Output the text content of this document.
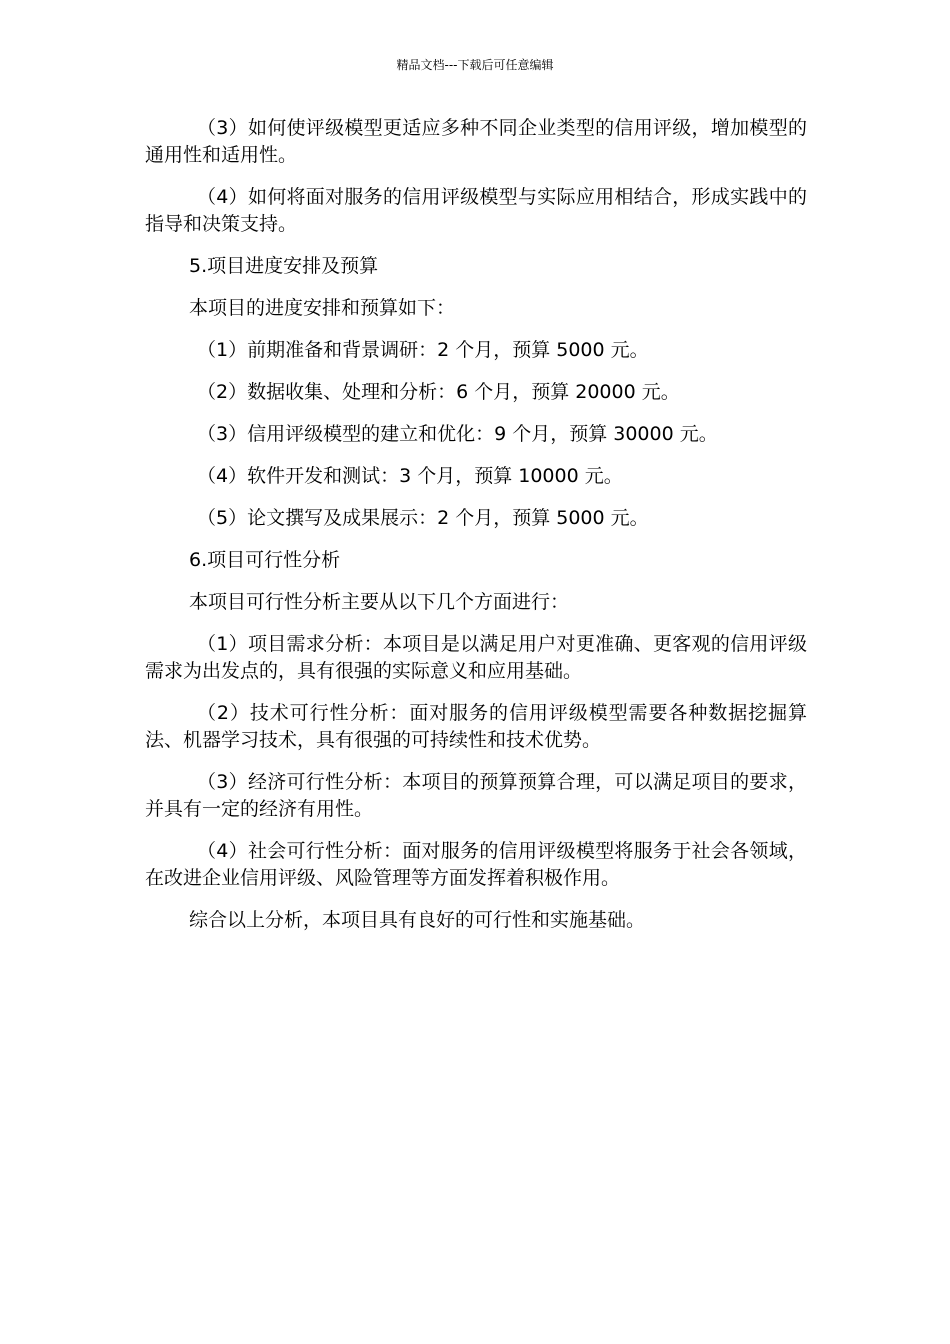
精品文档---下载后可任意编辑

（3）如何使评级模型更适应多种不同企业类型的信用评级，增加模型的通用性和适用性。

（4）如何将面对服务的信用评级模型与实际应用相结合，形成实践中的指导和决策支持。

5.项目进度安排及预算

本项目的进度安排和预算如下：

（1）前期准备和背景调研：2 个月，预算 5000 元。

（2）数据收集、处理和分析：6 个月，预算 20000 元。

（3）信用评级模型的建立和优化：9 个月，预算 30000 元。

（4）软件开发和测试：3 个月，预算 10000 元。

（5）论文撰写及成果展示：2 个月，预算 5000 元。

6.项目可行性分析

本项目可行性分析主要从以下几个方面进行：

（1）项目需求分析：本项目是以满足用户对更准确、更客观的信用评级需求为出发点的，具有很强的实际意义和应用基础。

（2）技术可行性分析：面对服务的信用评级模型需要各种数据挖掘算法、机器学习技术，具有很强的可持续性和技术优势。

（3）经济可行性分析：本项目的预算预算合理，可以满足项目的要求，并具有一定的经济有用性。

（4）社会可行性分析：面对服务的信用评级模型将服务于社会各领域，在改进企业信用评级、风险管理等方面发挥着积极作用。

综合以上分析，本项目具有良好的可行性和实施基础。
